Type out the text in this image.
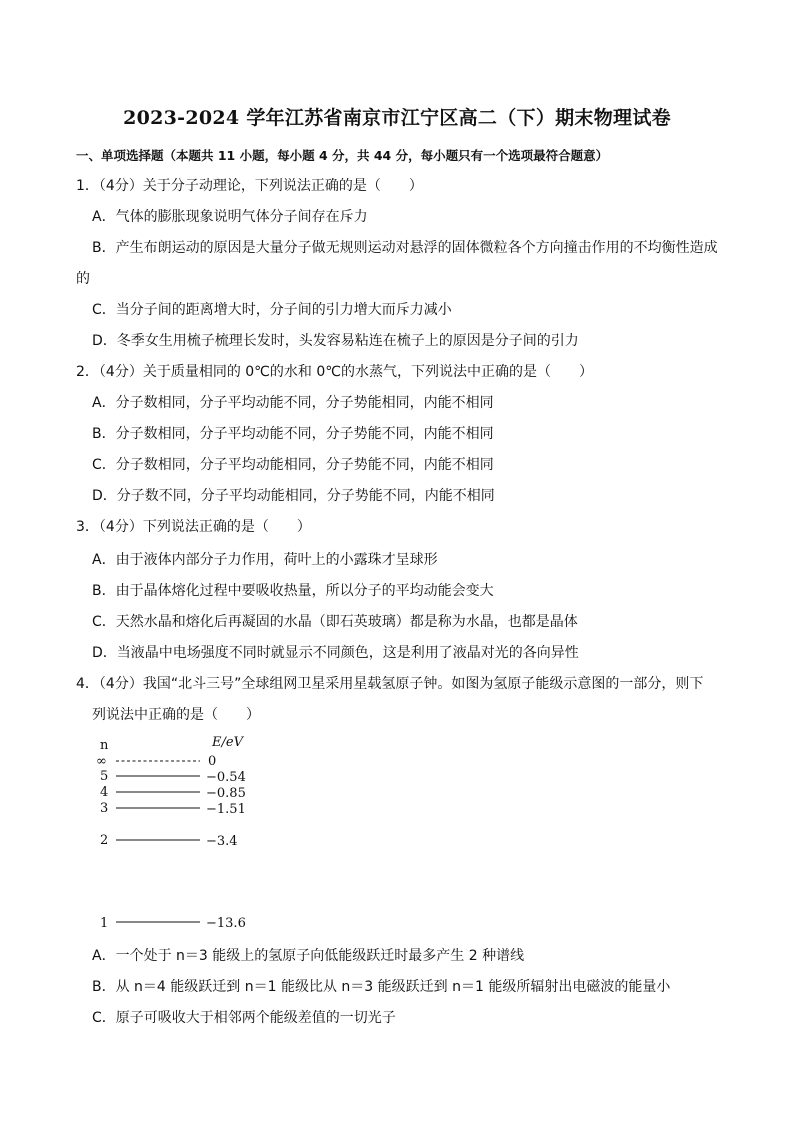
2023-2024 学年江苏省南京市江宁区高二（下）期末物理试卷
一、单项选择题（本题共 11 小题，每小题 4 分，共 44 分，每小题只有一个选项最符合题意）
1．（4分）关于分子动理论，下列说法正确的是（　　）
A．气体的膨胀现象说明气体分子间存在斥力
B．产生布朗运动的原因是大量分子做无规则运动对悬浮的固体微粒各个方向撞击作用的不均衡性造成
的
C．当分子间的距离增大时，分子间的引力增大而斥力减小
D．冬季女生用梳子梳理长发时，头发容易粘连在梳子上的原因是分子间的引力
2．（4分）关于质量相同的 0℃的水和 0℃的水蒸气，下列说法中正确的是（　　）
A．分子数相同，分子平均动能不同，分子势能相同，内能不相同
B．分子数相同，分子平均动能不同，分子势能不同，内能不相同
C．分子数相同，分子平均动能相同，分子势能不同，内能不相同
D．分子数不同，分子平均动能相同，分子势能不同，内能不相同
3．（4分）下列说法正确的是（　　）
A．由于液体内部分子力作用，荷叶上的小露珠才呈球形
B．由于晶体熔化过程中要吸收热量，所以分子的平均动能会变大
C．天然水晶和熔化后再凝固的水晶（即石英玻璃）都是称为水晶，也都是晶体
D．当液晶中电场强度不同时就显示不同颜色，这是利用了液晶对光的各向异性
4．（4分）我国“北斗三号”全球组网卫星采用星载氢原子钟。如图为氢原子能级示意图的一部分，则下
列说法中正确的是（　　）
n	E/eV
∞	0
5	−0.54
4	−0.85
3	−1.51
2	−3.4
1	−13.6
A．一个处于 n＝3 能级上的氢原子向低能级跃迁时最多产生 2 种谱线
B．从 n＝4 能级跃迁到 n＝1 能级比从 n＝3 能级跃迁到 n＝1 能级所辐射出电磁波的能量小
C．原子可吸收大于相邻两个能级差值的一切光子
